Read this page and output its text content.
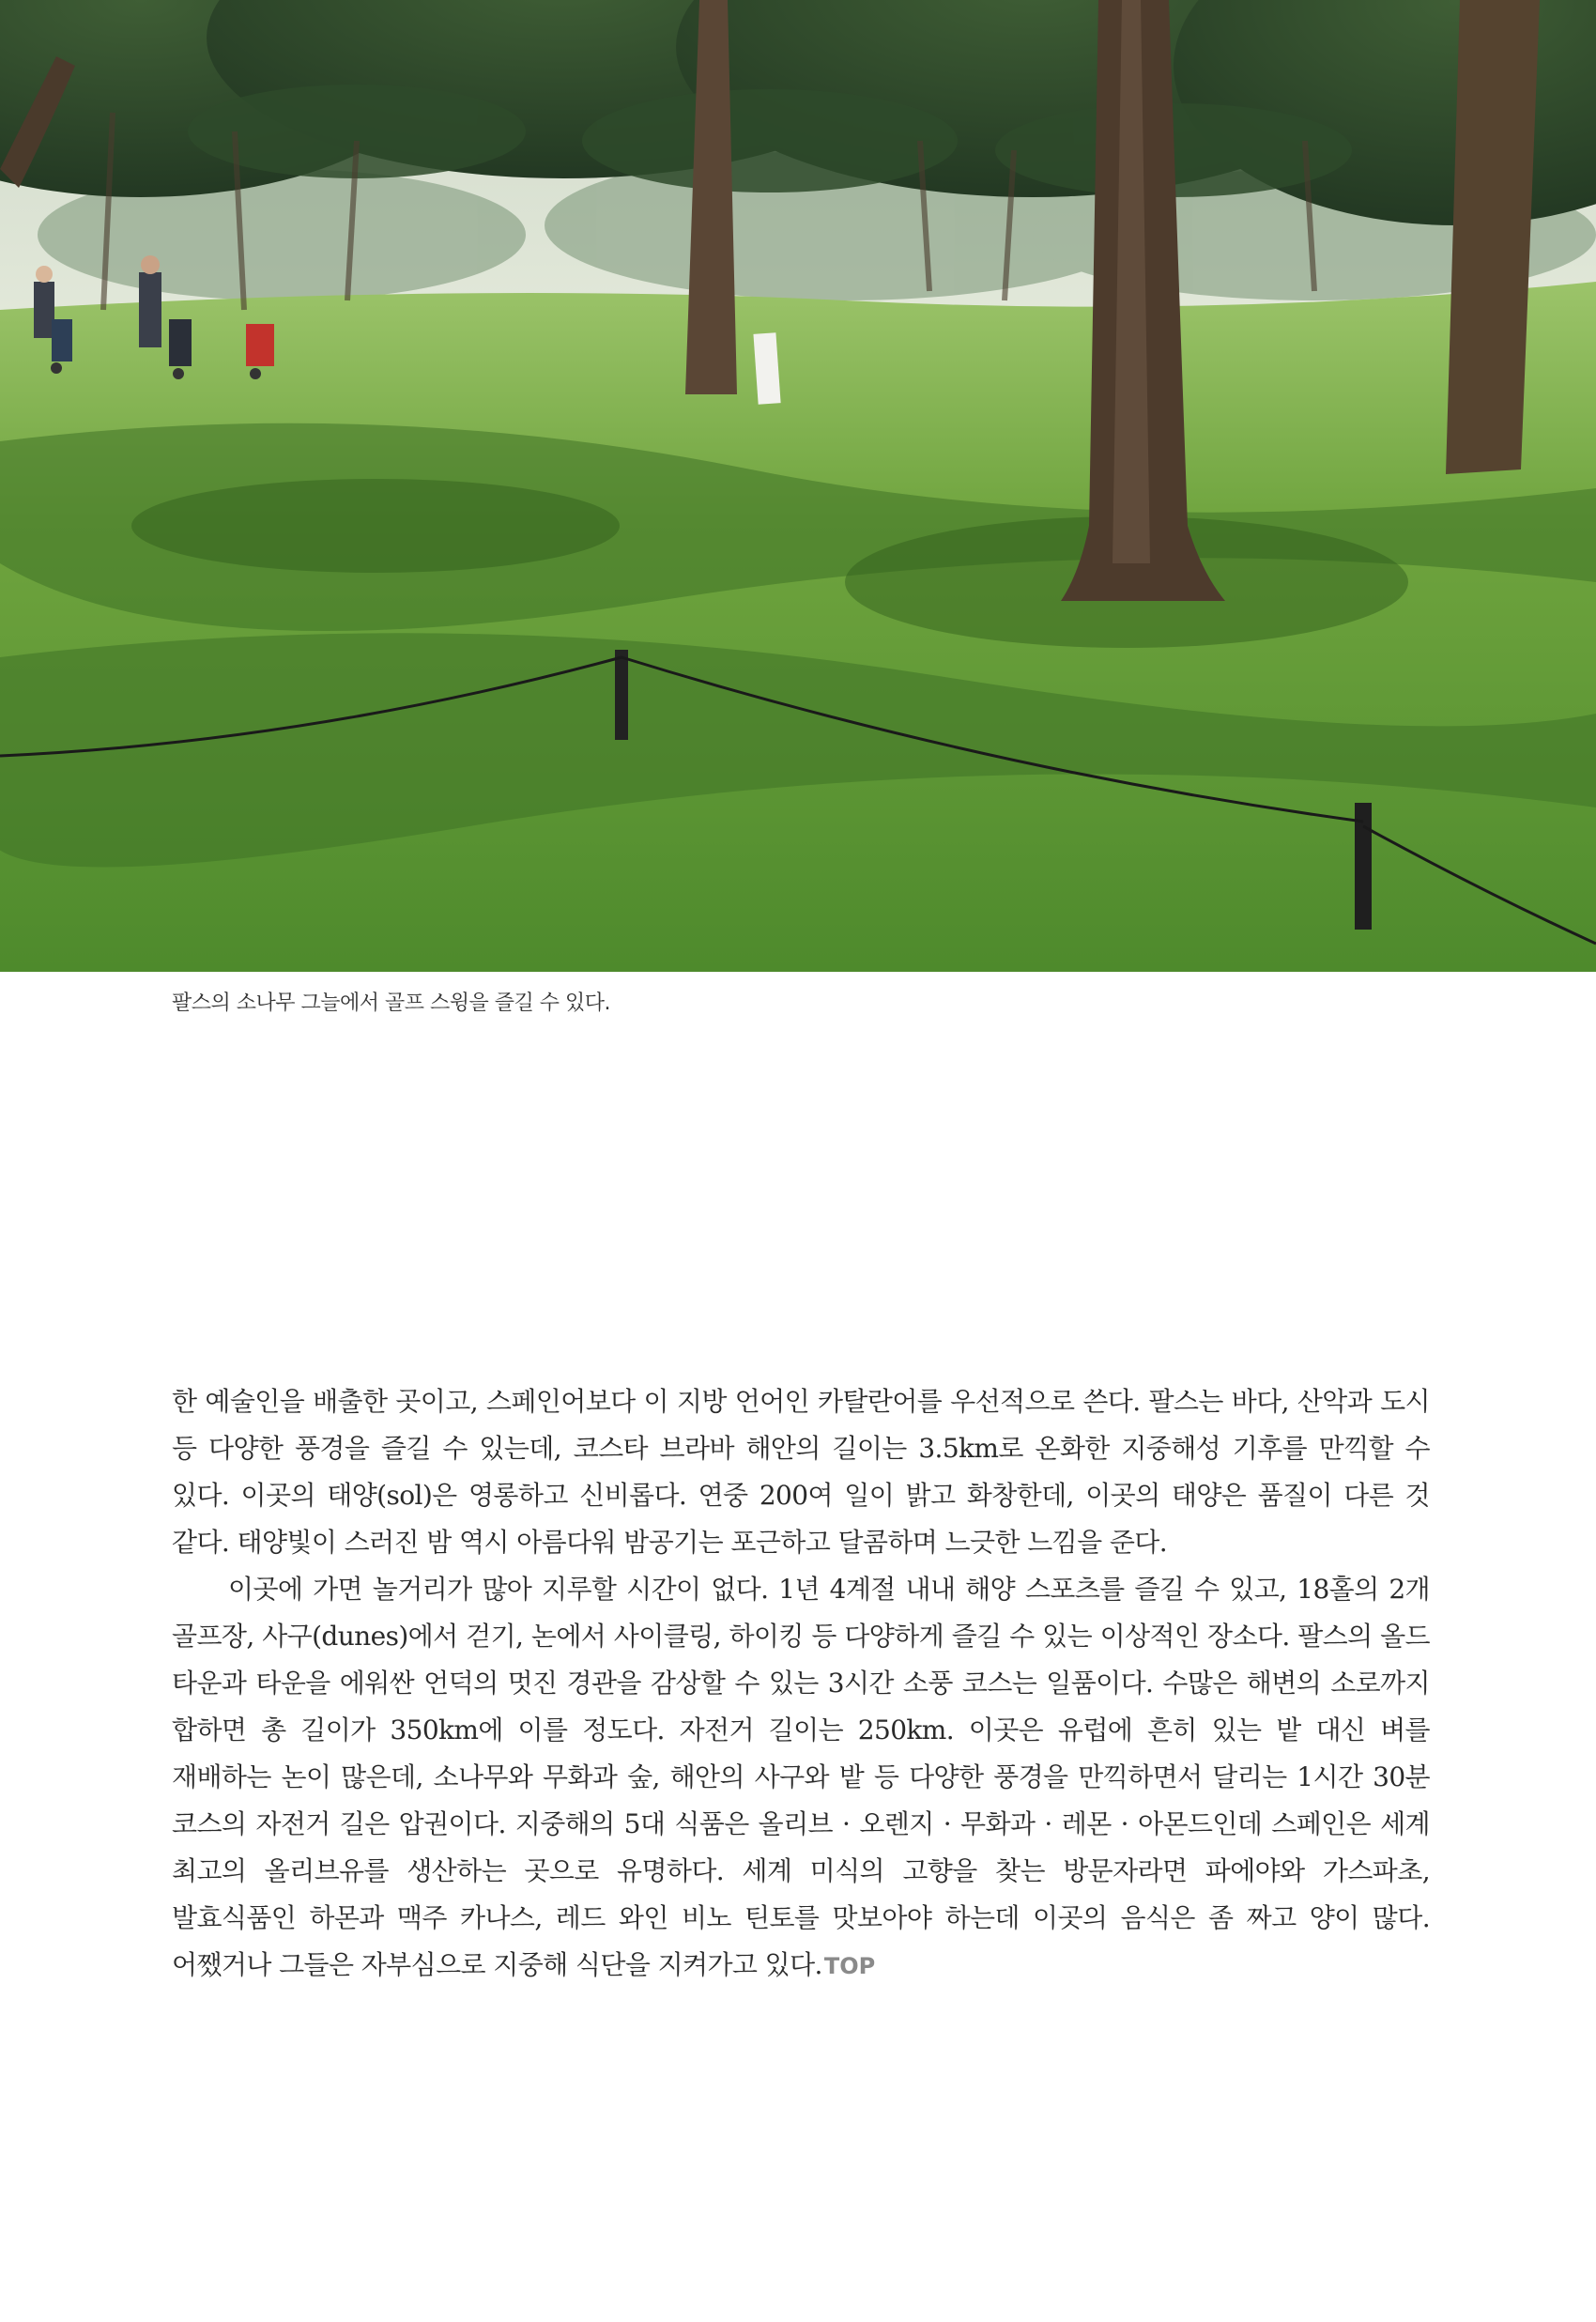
팔스의 소나무 그늘에서 골프 스윙을 즐길 수 있다.

한 예술인을 배출한 곳이고, 스페인어보다 이 지방 언어인 카탈란어를 우선적으로 쓴다. 팔스는 바다, 산악과 도시 등 다양한 풍경을 즐길 수 있는데, 코스타 브라바 해안의 길이는 3.5km로 온화한 지중해성 기후를 만끽할 수 있다. 이곳의 태양(sol)은 영롱하고 신비롭다. 연중 200여 일이 밝고 화창한데, 이곳의 태양은 품질이 다른 것 같다. 태양빛이 스러진 밤 역시 아름다워 밤공기는 포근하고 달콤하며 느긋한 느낌을 준다.

이곳에 가면 놀거리가 많아 지루할 시간이 없다. 1년 4계절 내내 해양 스포츠를 즐길 수 있고, 18홀의 2개 골프장, 사구(dunes)에서 걷기, 논에서 사이클링, 하이킹 등 다양하게 즐길 수 있는 이상적인 장소다. 팔스의 올드 타운과 타운을 에워싼 언덕의 멋진 경관을 감상할 수 있는 3시간 소풍 코스는 일품이다. 수많은 해변의 소로까지 합하면 총 길이가 350km에 이를 정도다. 자전거 길이는 250km. 이곳은 유럽에 흔히 있는 밭 대신 벼를 재배하는 논이 많은데, 소나무와 무화과 숲, 해안의 사구와 밭 등 다양한 풍경을 만끽하면서 달리는 1시간 30분 코스의 자전거 길은 압권이다. 지중해의 5대 식품은 올리브 · 오렌지 · 무화과 · 레몬 · 아몬드인데 스페인은 세계 최고의 올리브유를 생산하는 곳으로 유명하다. 세계 미식의 고향을 찾는 방문자라면 파에야와 가스파초, 발효식품인 하몬과 맥주 카나스, 레드 와인 비노 틴토를 맛보아야 하는데 이곳의 음식은 좀 짜고 양이 많다. 어쨌거나 그들은 자부심으로 지중해 식단을 지켜가고 있다.TOP
